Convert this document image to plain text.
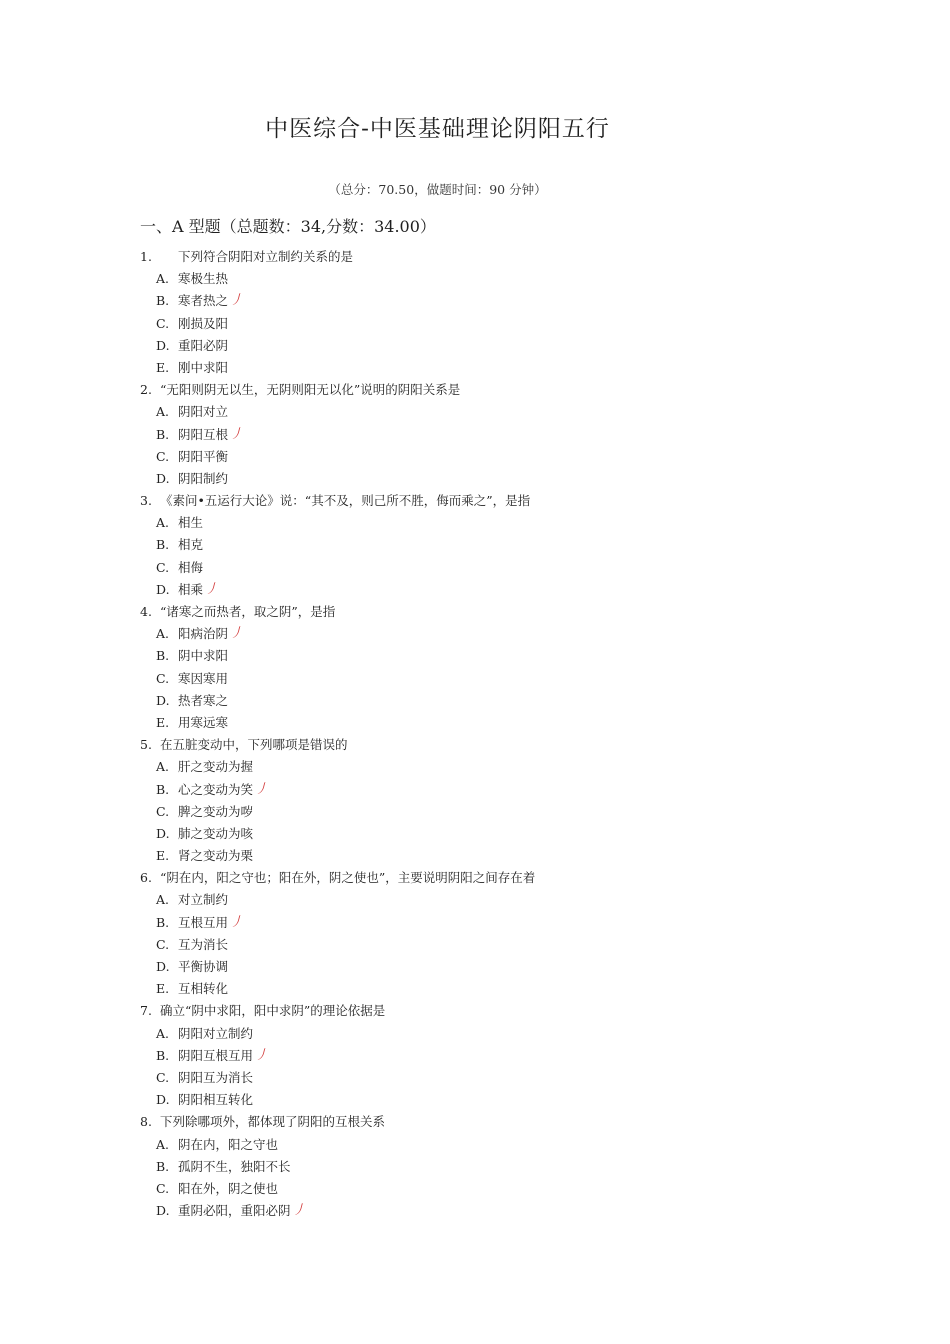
中医综合-中医基础理论阴阳五行
（总分：70.50，做题时间：90 分钟）
一、A 型题（总题数：34,分数：34.00）
1. 下列符合阴阳对立制约关系的是
A. 寒极生热
B. 寒者热之 丿
C. 刚损及阳
D. 重阳必阴
E. 刚中求阳
2. “无阳则阴无以生，无阴则阳无以化”说明的阴阳关系是
A. 阴阳对立
B. 阴阳互根 丿
C. 阴阳平衡
D. 阴阳制约
3. 《素问•五运行大论》说：“其不及，则己所不胜，侮而乘之”，是指
A. 相生
B. 相克
C. 相侮
D. 相乘 丿
4. “诸寒之而热者，取之阴”，是指
A. 阳病治阴 丿
B. 阴中求阳
C. 寒因寒用
D. 热者寒之
E. 用寒远寒
5. 在五脏变动中，下列哪项是错误的
A. 肝之变动为握
B. 心之变动为笑 丿
C. 脾之变动为哕
D. 肺之变动为咳
E. 肾之变动为栗
6. “阴在内，阳之守也；阳在外，阴之使也”，主要说明阴阳之间存在着
A. 对立制约
B. 互根互用 丿
C. 互为消长
D. 平衡协调
E. 互相转化
7. 确立“阴中求阳，阳中求阴”的理论依据是
A. 阴阳对立制约
B. 阴阳互根互用 丿
C. 阴阳互为消长
D. 阴阳相互转化
8. 下列除哪项外，都体现了阴阳的互根关系
A. 阴在内，阳之守也
B. 孤阴不生，独阳不长
C. 阳在外，阴之使也
D. 重阴必阳，重阳必阴 丿
